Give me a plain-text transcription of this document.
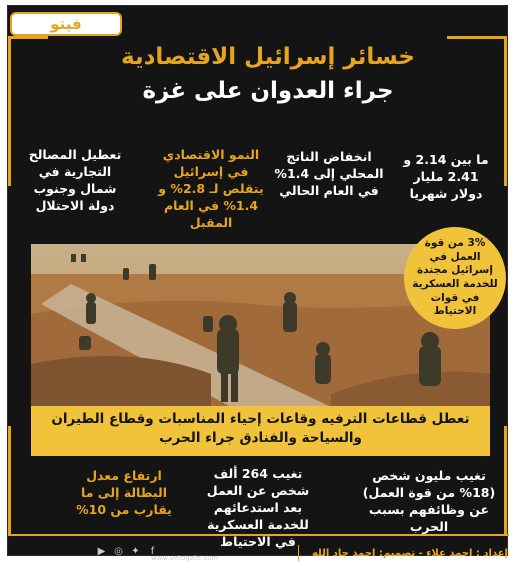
فيتو
خسائر إسرائيل الاقتصادية
جراء العدوان على غزة
ما بين 2.14 و 2.41 مليار دولار شهريا
انخفاض الناتج المحلي إلى 1.4% في العام الحالي
النمو الاقتصادي في إسرائيل يتقلص لـ 2.8% و 1.4% في العام المقبل
تعطيل المصالح التجارية في شمال وجنوب دولة الاحتلال
3% من قوة العمل في إسرائيل مجندة للخدمة العسكرية في قوات الاحتياط
تعطل قطاعات الترفيه وقاعات إحياء المناسبات وقطاع الطيران والسياحة والفنادق جراء الحرب
تغيب مليون شخص (18% من قوة العمل) عن وظائفهم بسبب الحرب
تغيب 264 ألف شخص عن العمل بعد استدعائهم للخدمة العسكرية في الاحتياط
ارتفاع معدل البطالة إلى ما يقارب من 10%
▶ ◎ ✦	f
www.vetogate.com	إعداد : احمد علاء - تصميم: احمد جاد الله
